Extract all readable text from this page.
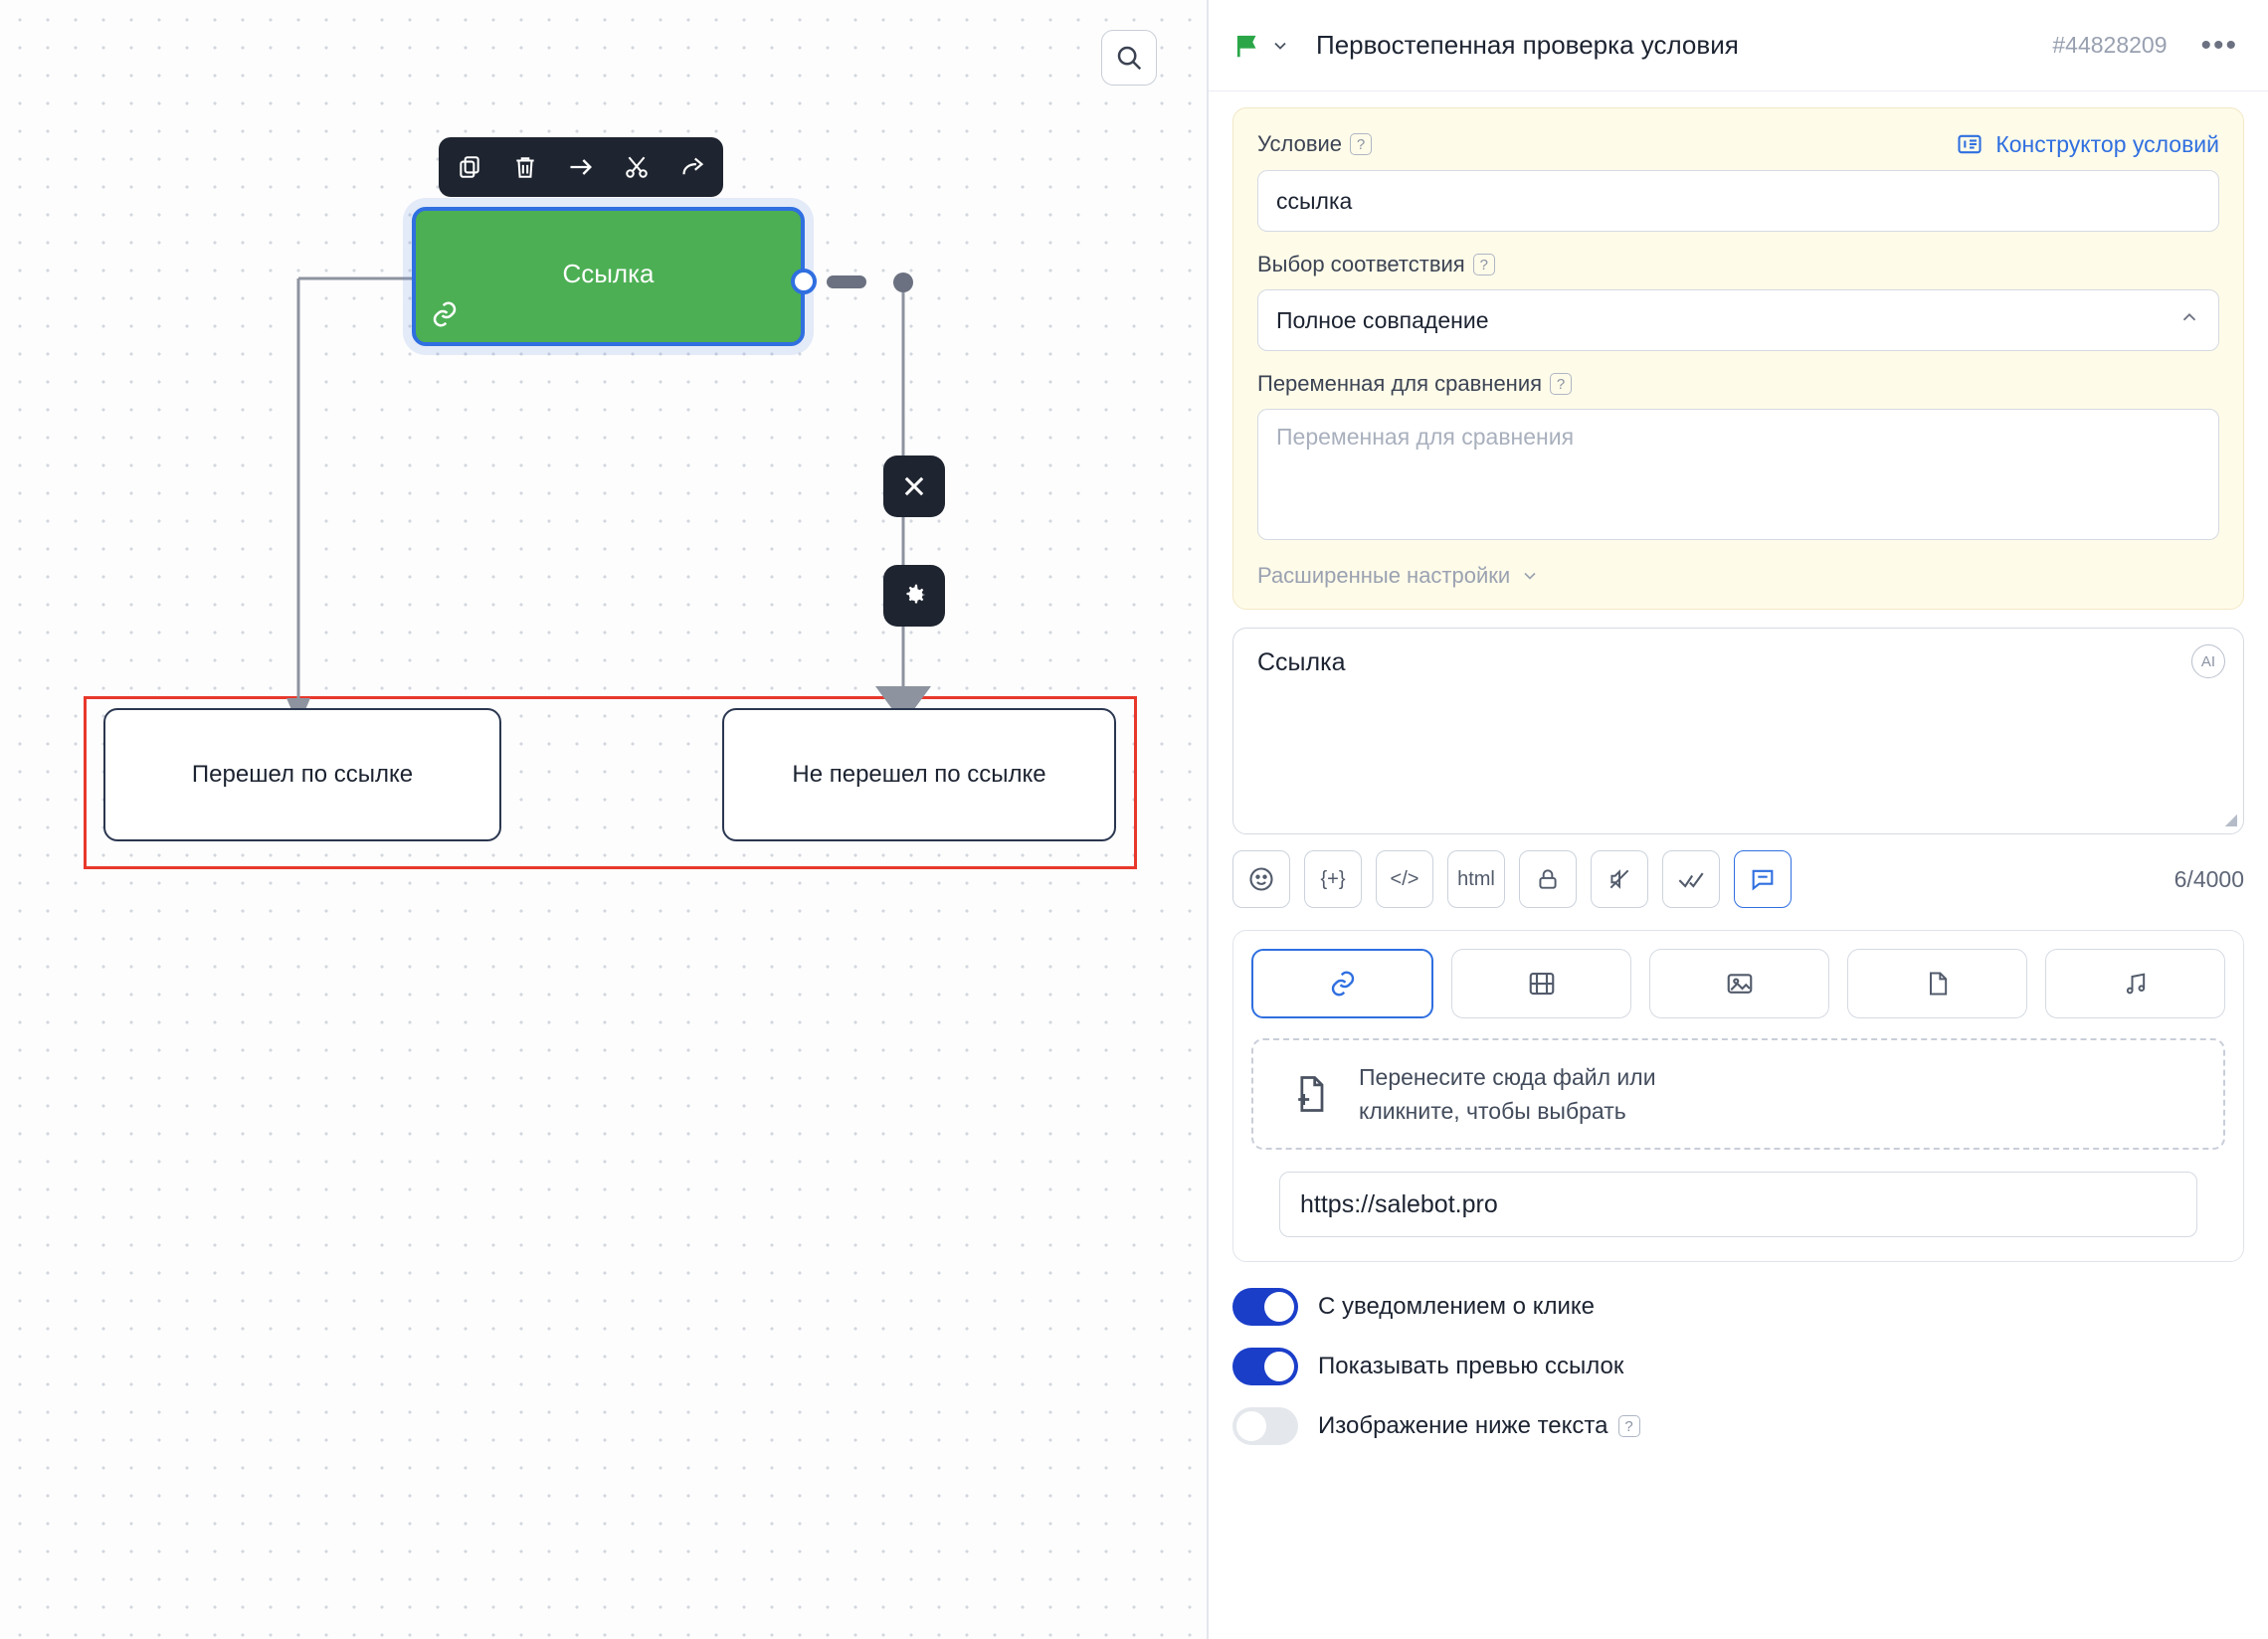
Ссылка
Перешел по ссылке	Не перешел по ссылке
Первостепенная проверка условия	#44828209 •••
Условие ?	Конструктор условий
ссылка
Выбор соответствия ?
Полное совпадение
Переменная для сравнения ?
Переменная для сравнения
Расширенные настройки
Ссылка	AI
◢
{+} </> html	6/4000
Перенесите сюда файл или
кликните, чтобы выбрать
https://salebot.pro
С уведомлением о клике
Показывать превью ссылок
Изображение ниже текста	?
